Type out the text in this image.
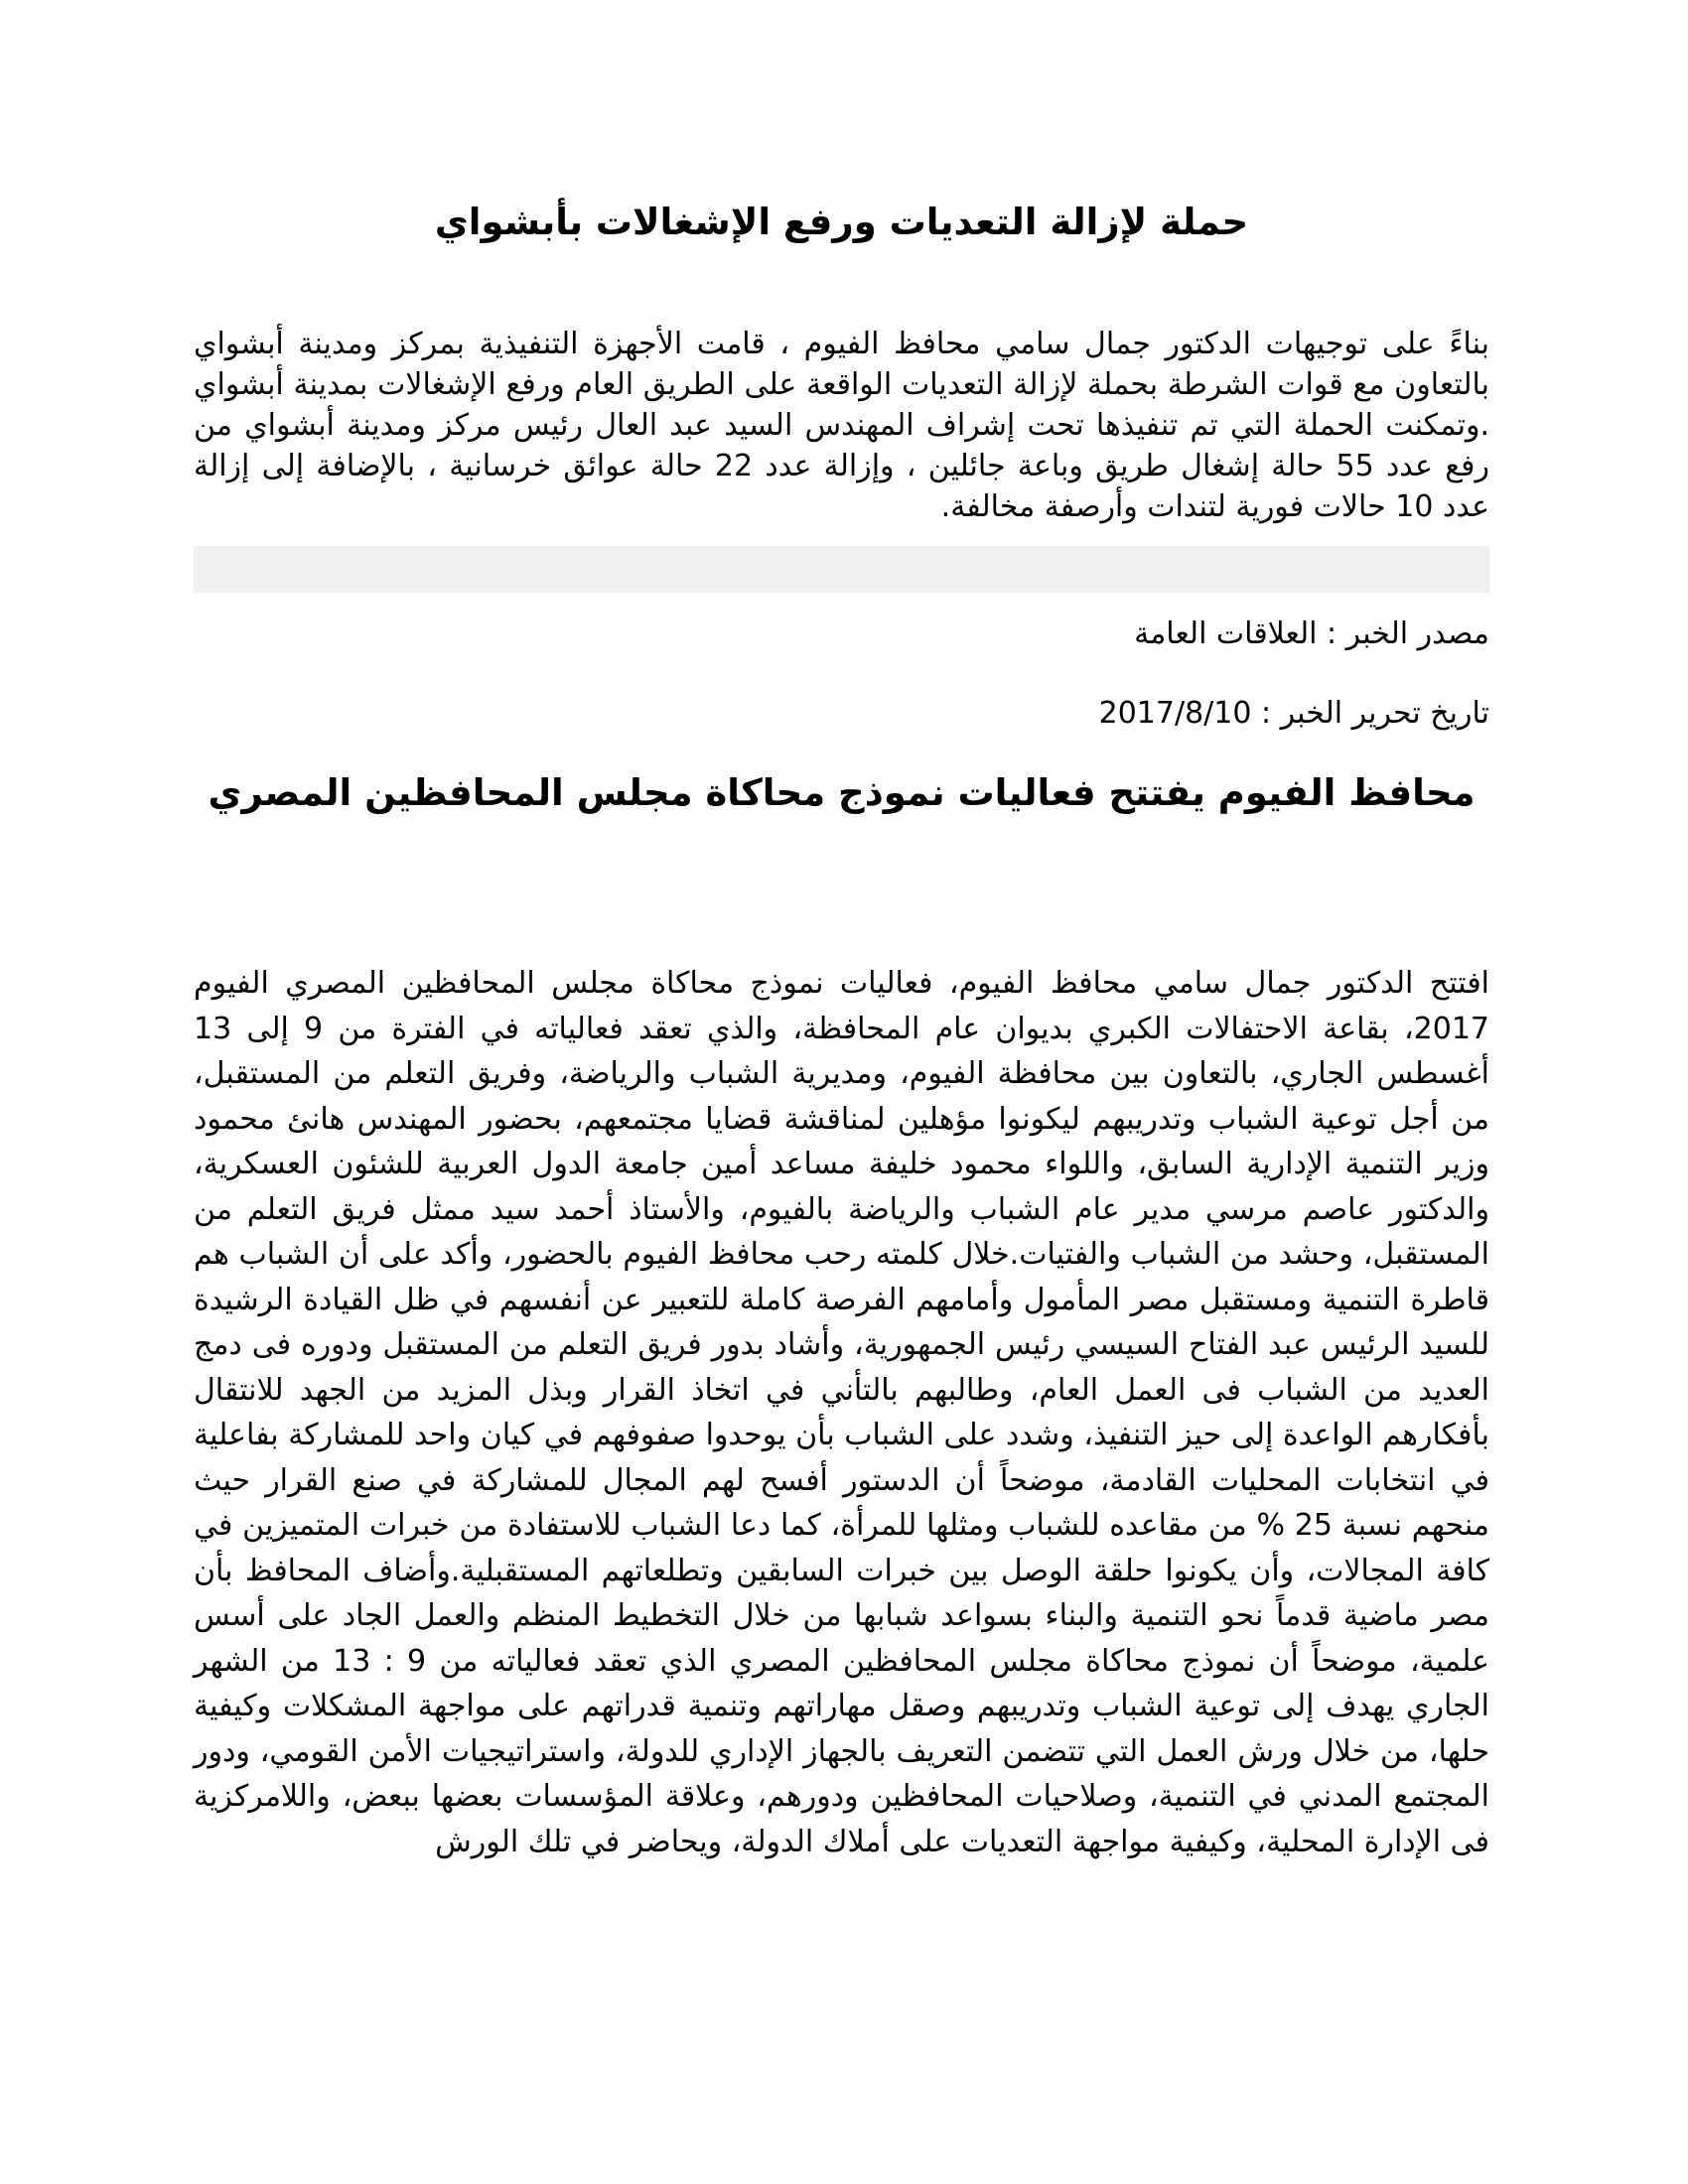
حملة لإزالة التعديات ورفع الإشغالات بأبشواي

بناءً على توجيهات الدكتور جمال سامي محافظ الفيوم ، قامت الأجهزة التنفيذية بمركز ومدينة أبشواي بالتعاون مع قوات الشرطة بحملة لإزالة التعديات الواقعة على الطريق العام ورفع الإشغالات بمدينة أبشواي .وتمكنت الحملة التي تم تنفيذها تحت إشراف المهندس السيد عبد العال رئيس مركز ومدينة أبشواي من رفع عدد 55 حالة إشغال طريق وباعة جائلين ، وإزالة عدد 22 حالة عوائق خرسانية ، بالإضافة إلى إزالة عدد 10 حالات فورية لتندات وأرصفة مخالفة.

مصدر الخبر : العلاقات العامة

تاريخ تحرير الخبر : 2017/8/10

محافظ الفيوم يفتتح فعاليات نموذج محاكاة مجلس المحافظين المصري

افتتح الدكتور جمال سامي محافظ الفيوم، فعاليات نموذج محاكاة مجلس المحافظين المصري الفيوم 2017، بقاعة الاحتفالات الكبري بديوان عام المحافظة، والذي تعقد فعالياته في الفترة من 9 إلى 13 أغسطس الجاري، بالتعاون بين محافظة الفيوم، ومديرية الشباب والرياضة، وفريق التعلم من المستقبل، من أجل توعية الشباب وتدريبهم ليكونوا مؤهلين لمناقشة قضايا مجتمعهم، بحضور المهندس هانئ محمود وزير التنمية الإدارية السابق، واللواء محمود خليفة مساعد أمين جامعة الدول العربية للشئون العسكرية، والدكتور عاصم مرسي مدير عام الشباب والرياضة بالفيوم، والأستاذ أحمد سيد ممثل فريق التعلم من المستقبل، وحشد من الشباب والفتيات.خلال كلمته رحب محافظ الفيوم بالحضور، وأكد على أن الشباب هم قاطرة التنمية ومستقبل مصر المأمول وأمامهم الفرصة كاملة للتعبير عن أنفسهم في ظل القيادة الرشيدة للسيد الرئيس عبد الفتاح السيسي رئيس الجمهورية، وأشاد بدور فريق التعلم من المستقبل ودوره فى دمج العديد من الشباب فى العمل العام، وطالبهم بالتأني في اتخاذ القرار وبذل المزيد من الجهد للانتقال بأفكارهم الواعدة إلى حيز التنفيذ، وشدد على الشباب بأن يوحدوا صفوفهم في كيان واحد للمشاركة بفاعلية في انتخابات المحليات القادمة، موضحاً أن الدستور أفسح لهم المجال للمشاركة في صنع القرار حيث منحهم نسبة 25 % من مقاعده للشباب ومثلها للمرأة، كما دعا الشباب للاستفادة من خبرات المتميزين في كافة المجالات، وأن يكونوا حلقة الوصل بين خبرات السابقين وتطلعاتهم المستقبلية.وأضاف المحافظ بأن مصر ماضية قدماً نحو التنمية والبناء بسواعد شبابها من خلال التخطيط المنظم والعمل الجاد على أسس علمية، موضحاً أن نموذج محاكاة مجلس المحافظين المصري الذي تعقد فعالياته من 9 : 13 من الشهر الجاري يهدف إلى توعية الشباب وتدريبهم وصقل مهاراتهم وتنمية قدراتهم على مواجهة المشكلات وكيفية حلها، من خلال ورش العمل التي تتضمن التعريف بالجهاز الإداري للدولة، واستراتيجيات الأمن القومي، ودور المجتمع المدني في التنمية، وصلاحيات المحافظين ودورهم، وعلاقة المؤسسات بعضها ببعض، واللامركزية فى الإدارة المحلية، وكيفية مواجهة التعديات على أملاك الدولة، ويحاضر في تلك الورش
